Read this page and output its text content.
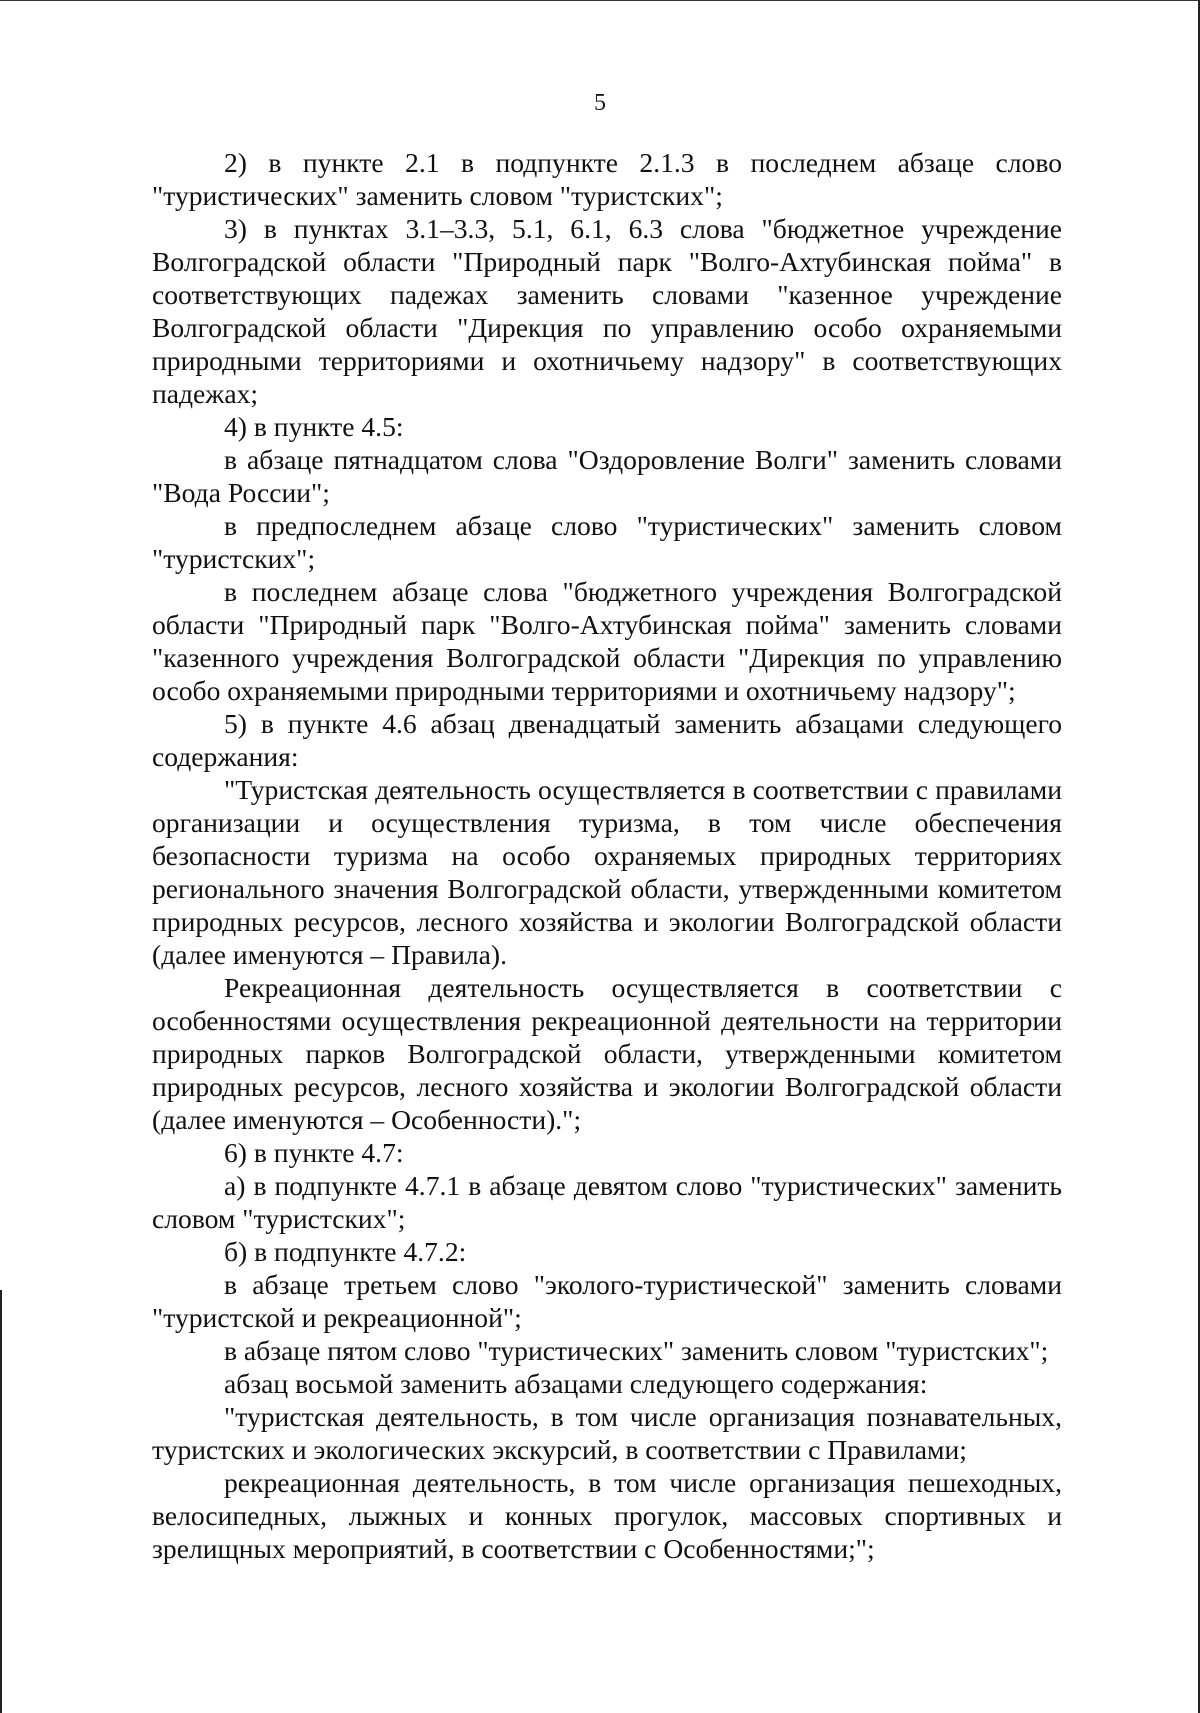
5

2) в пункте 2.1 в подпункте 2.1.3 в последнем абзаце слово "туристических" заменить словом "туристских";

3) в пунктах 3.1–3.3, 5.1, 6.1, 6.3 слова "бюджетное учреждение Волгоградской области "Природный парк "Волго-Ахтубинская пойма" в соответствующих падежах заменить словами "казенное учреждение Волгоградской области "Дирекция по управлению особо охраняемыми природными территориями и охотничьему надзору" в соответствующих падежах;

4) в пункте 4.5:

в абзаце пятнадцатом слова "Оздоровление Волги" заменить словами "Вода России";

в предпоследнем абзаце слово "туристических" заменить словом "туристских";

в последнем абзаце слова "бюджетного учреждения Волгоградской области "Природный парк "Волго-Ахтубинская пойма" заменить словами "казенного учреждения Волгоградской области "Дирекция по управлению особо охраняемыми природными территориями и охотничьему надзору";

5) в пункте 4.6 абзац двенадцатый заменить абзацами следующего содержания:

"Туристская деятельность осуществляется в соответствии с правилами организации и осуществления туризма, в том числе обеспечения безопасности туризма на особо охраняемых природных территориях регионального значения Волгоградской области, утвержденными комитетом природных ресурсов, лесного хозяйства и экологии Волгоградской области (далее именуются – Правила).

Рекреационная деятельность осуществляется в соответствии с особенностями осуществления рекреационной деятельности на территории природных парков Волгоградской области, утвержденными комитетом природных ресурсов, лесного хозяйства и экологии Волгоградской области (далее именуются – Особенности).";

6) в пункте 4.7:

а) в подпункте 4.7.1 в абзаце девятом слово "туристических" заменить словом "туристских";

б) в подпункте 4.7.2:

в абзаце третьем слово "эколого-туристической" заменить словами "туристской и рекреационной";

в абзаце пятом слово "туристических" заменить словом "туристских";

абзац восьмой заменить абзацами следующего содержания:

"туристская деятельность, в том числе организация познавательных, туристских и экологических экскурсий, в соответствии с Правилами;

рекреационная деятельность, в том числе организация пешеходных, велосипедных, лыжных и конных прогулок, массовых спортивных и зрелищных мероприятий, в соответствии с Особенностями;";
